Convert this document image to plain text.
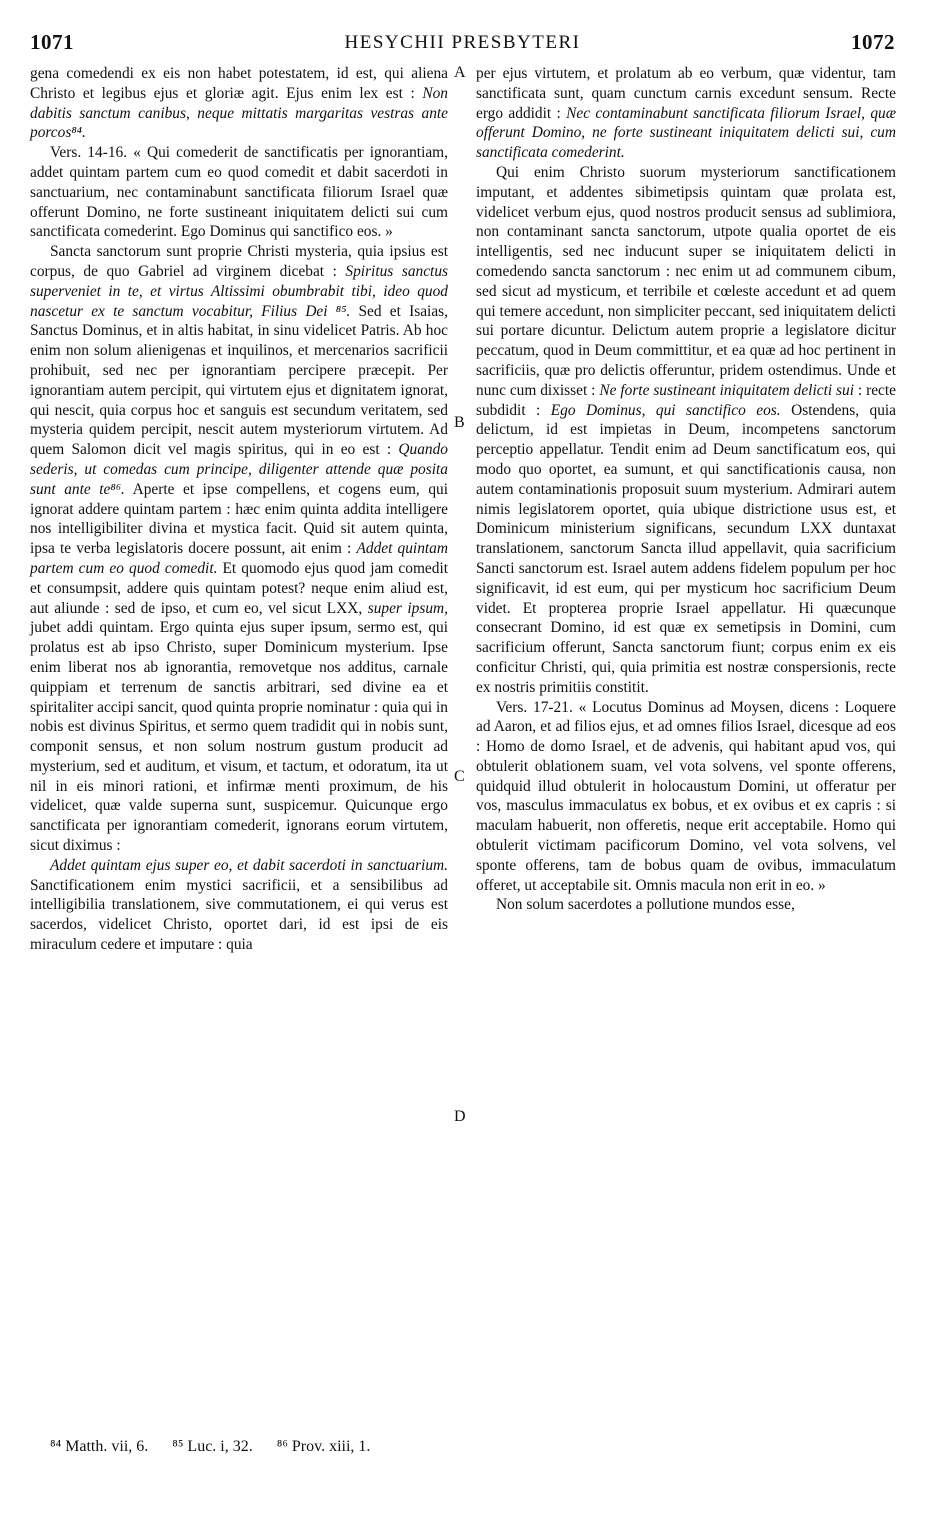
1071	HESYCHII PRESBYTERI	1072

gena comedendi ex eis non habet potestatem, id est, qui aliena Christo et legibus ejus et gloriæ agit. Ejus enim lex est : Non dabitis sanctum canibus, neque mittatis margaritas vestras ante porcos⁸⁴.

Vers. 14-16. « Qui comederit de sanctificatis per ignorantiam, addet quintam partem cum eo quod comedit et dabit sacerdoti in sanctuarium, nec contaminabunt sanctificata filiorum Israel quæ offerunt Domino, ne forte sustineant iniquitatem delicti sui cum sanctificata comederint. Ego Dominus qui sanctifico eos. »

Sancta sanctorum sunt proprie Christi mysteria, quia ipsius est corpus, de quo Gabriel ad virginem dicebat : Spiritus sanctus superveniet in te, et virtus Altissimi obumbrabit tibi, ideo quod nascetur ex te sanctum vocabitur, Filius Dei ⁸⁵. Sed et Isaias, Sanctus Dominus, et in altis habitat, in sinu videlicet Patris. Ab hoc enim non solum alienigenas et inquilinos, et mercenarios sacrificii prohibuit, sed nec per ignorantiam percipere præcepit. Per ignorantiam autem percipit, qui virtutem ejus et dignitatem ignorat, qui nescit, quia corpus hoc et sanguis est secundum veritatem, sed mysteria quidem percipit, nescit autem mysteriorum virtutem. Ad quem Salomon dicit vel magis spiritus, qui in eo est : Quando sederis, ut comedas cum principe, diligenter attende quæ posita sunt ante te⁸⁶. Aperte et ipse compellens, et cogens eum, qui ignorat addere quintam partem : hæc enim quinta addita intelligere nos intelligibiliter divina et mystica facit. Quid sit autem quinta, ipsa te verba legislatoris docere possunt, ait enim : Addet quintam partem cum eo quod comedit. Et quomodo ejus quod jam comedit et consumpsit, addere quis quintam potest? neque enim aliud est, aut aliunde : sed de ipso, et cum eo, vel sicut LXX, super ipsum, jubet addi quintam. Ergo quinta ejus super ipsum, sermo est, qui prolatus est ab ipso Christo, super Dominicum mysterium. Ipse enim liberat nos ab ignorantia, removetque nos additus, carnale quippiam et terrenum de sanctis arbitrari, sed divine ea et spiritaliter accipi sancit, quod quinta proprie nominatur : quia qui in nobis est divinus Spiritus, et sermo quem tradidit qui in nobis sunt, componit sensus, et non solum nostrum gustum producit ad mysterium, sed et auditum, et visum, et tactum, et odoratum, ita ut nil in eis minori rationi, et infirmæ menti proximum, de his videlicet, quæ valde superna sunt, suspicemur. Quicunque ergo sanctificata per ignorantiam comederit, ignorans eorum virtutem, sicut diximus :

Addet quintam ejus super eo, et dabit sacerdoti in sanctuarium. Sanctificationem enim mystici sacrificii, et a sensibilibus ad intelligibilia translationem, sive commutationem, ei qui verus est sacerdos, videlicet Christo, oportet dari, id est ipsi de eis miraculum cedere et imputare : quia

A
B
C
D

per ejus virtutem, et prolatum ab eo verbum, quæ videntur, tam sanctificata sunt, quam cunctum carnis excedunt sensum. Recte ergo addidit : Nec contaminabunt sanctificata filiorum Israel, quæ offerunt Domino, ne forte sustineant iniquitatem delicti sui, cum sanctificata comederint.

Qui enim Christo suorum mysteriorum sanctificationem imputant, et addentes sibimetipsis quintam quæ prolata est, videlicet verbum ejus, quod nostros producit sensus ad sublimiora, non contaminant sancta sanctorum, utpote qualia oportet de eis intelligentis, sed nec inducunt super se iniquitatem delicti in comedendo sancta sanctorum : nec enim ut ad communem cibum, sed sicut ad mysticum, et terribile et cœleste accedunt et ad quem qui temere accedunt, non simpliciter peccant, sed iniquitatem delicti sui portare dicuntur. Delictum autem proprie a legislatore dicitur peccatum, quod in Deum committitur, et ea quæ ad hoc pertinent in sacrificiis, quæ pro delictis offeruntur, pridem ostendimus. Unde et nunc cum dixisset : Ne forte sustineant iniquitatem delicti sui : recte subdidit : Ego Dominus, qui sanctifico eos. Ostendens, quia delictum, id est impietas in Deum, incompetens sanctorum perceptio appellatur. Tendit enim ad Deum sanctificatum eos, qui modo quo oportet, ea sumunt, et qui sanctificationis causa, non autem contaminationis proposuit suum mysterium. Admirari autem nimis legislatorem oportet, quia ubique districtione usus est, et Dominicum ministerium significans, secundum LXX duntaxat translationem, sanctorum Sancta illud appellavit, quia sacrificium Sancti sanctorum est. Israel autem addens fidelem populum per hoc significavit, id est eum, qui per mysticum hoc sacrificium Deum videt. Et propterea proprie Israel appellatur. Hi quæcunque consecrant Domino, id est quæ ex semetipsis in Domini, cum sacrificium offerunt, Sancta sanctorum fiunt; corpus enim ex eis conficitur Christi, qui, quia primitia est nostræ conspersionis, recte ex nostris primitiis constitit.

Vers. 17-21. « Locutus Dominus ad Moysen, dicens : Loquere ad Aaron, et ad filios ejus, et ad omnes filios Israel, dicesque ad eos : Homo de domo Israel, et de advenis, qui habitant apud vos, qui obtulerit oblationem suam, vel vota solvens, vel sponte offerens, quidquid illud obtulerit in holocaustum Domini, ut offeratur per vos, masculus immaculatus ex bobus, et ex ovibus et ex capris : si maculam habuerit, non offeretis, neque erit acceptabile. Homo qui obtulerit victimam pacificorum Domino, vel vota solvens, vel sponte offerens, tam de bobus quam de ovibus, immaculatum offeret, ut acceptabile sit. Omnis macula non erit in eo. »

Non solum sacerdotes a pollutione mundos esse,

⁸⁴ Matth. vii, 6. ⁸⁵ Luc. i, 32. ⁸⁶ Prov. xiii, 1.
